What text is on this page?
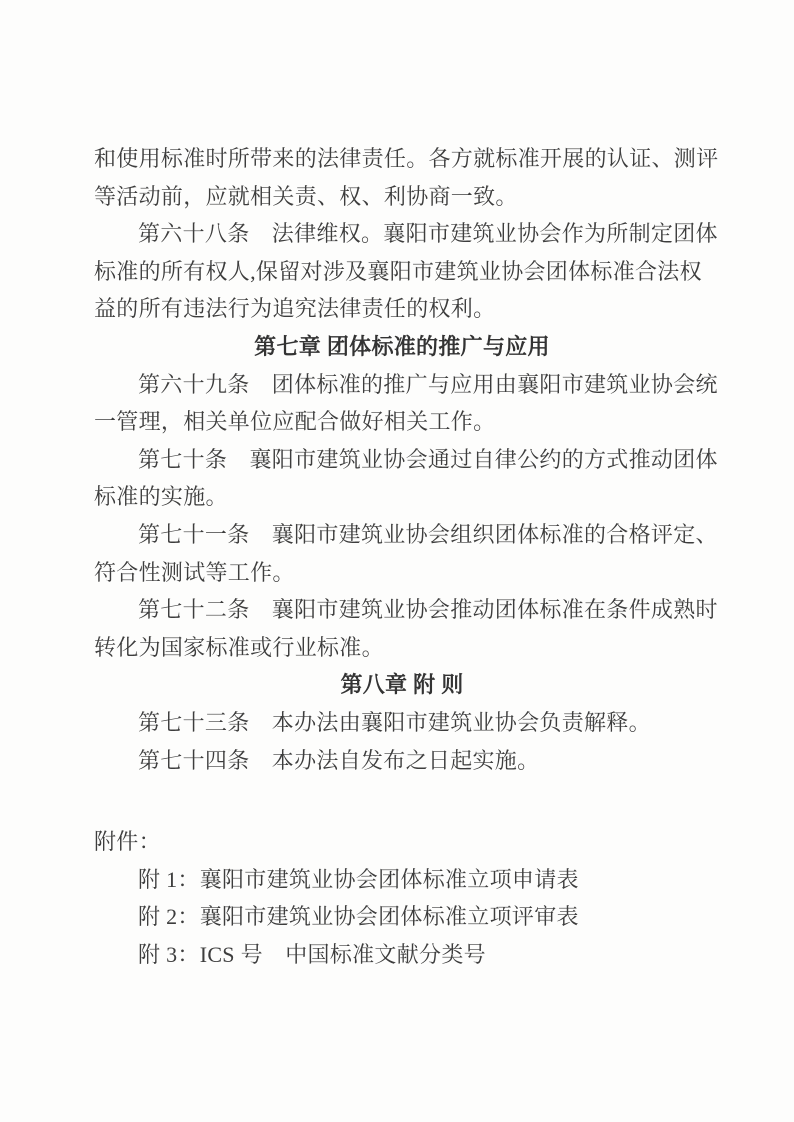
和使用标准时所带来的法律责任。各方就标准开展的认证、测评
等活动前，应就相关责、权、利协商一致。
第六十八条　法律维权。襄阳市建筑业协会作为所制定团体
标准的所有权人,保留对涉及襄阳市建筑业协会团体标准合法权
益的所有违法行为追究法律责任的权利。
第七章 团体标准的推广与应用
第六十九条　团体标准的推广与应用由襄阳市建筑业协会统
一管理，相关单位应配合做好相关工作。
第七十条　襄阳市建筑业协会通过自律公约的方式推动团体
标准的实施。
第七十一条　襄阳市建筑业协会组织团体标准的合格评定、
符合性测试等工作。
第七十二条　襄阳市建筑业协会推动团体标准在条件成熟时
转化为国家标准或行业标准。
第八章 附 则
第七十三条　本办法由襄阳市建筑业协会负责解释。
第七十四条　本办法自发布之日起实施。
附件：
附 1：襄阳市建筑业协会团体标准立项申请表
附 2：襄阳市建筑业协会团体标准立项评审表
附 3：ICS 号　中国标准文献分类号
